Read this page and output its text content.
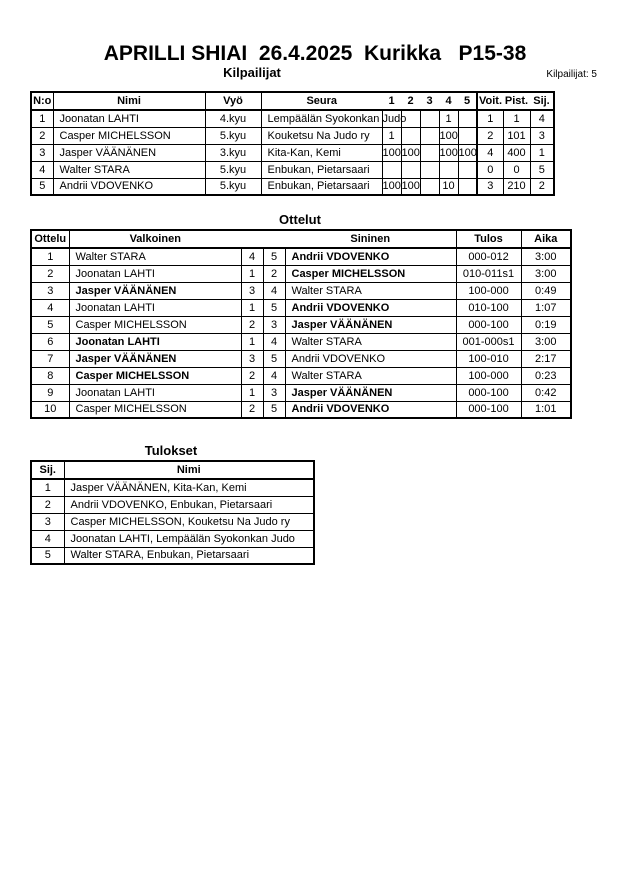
APRILLI SHIAI  26.4.2025  Kurikka   P15-38
Kilpailijat	Kilpailijat: 5
N:o	Nimi	Vyö	Seura	1	2	3	4	5	Voit.	Pist.	Sij.
1	Joonatan LAHTI	4.kyu	Lempäälän Syokonkan Judo				1		1	1	4
2	Casper MICHELSSON	5.kyu	Kouketsu Na Judo ry	1			100		2	101	3
3	Jasper VÄÄNÄNEN	3.kyu	Kita-Kan, Kemi	100	100		100	100	4	400	1
4	Walter STARA	5.kyu	Enbukan, Pietarsaari						0	0	5
5	Andrii VDOVENKO	5.kyu	Enbukan, Pietarsaari	100	100		10		3	210	2
Ottelut
Ottelu	Valkoinen			Sininen	Tulos	Aika
1	Walter STARA	4	5	Andrii VDOVENKO	000-012	3:00
2	Joonatan LAHTI	1	2	Casper MICHELSSON	010-011s1	3:00
3	Jasper VÄÄNÄNEN	3	4	Walter STARA	100-000	0:49
4	Joonatan LAHTI	1	5	Andrii VDOVENKO	010-100	1:07
5	Casper MICHELSSON	2	3	Jasper VÄÄNÄNEN	000-100	0:19
6	Joonatan LAHTI	1	4	Walter STARA	001-000s1	3:00
7	Jasper VÄÄNÄNEN	3	5	Andrii VDOVENKO	100-010	2:17
8	Casper MICHELSSON	2	4	Walter STARA	100-000	0:23
9	Joonatan LAHTI	1	3	Jasper VÄÄNÄNEN	000-100	0:42
10	Casper MICHELSSON	2	5	Andrii VDOVENKO	000-100	1:01
Tulokset
Sij.	Nimi
1	Jasper VÄÄNÄNEN, Kita-Kan, Kemi
2	Andrii VDOVENKO, Enbukan, Pietarsaari
3	Casper MICHELSSON, Kouketsu Na Judo ry
4	Joonatan LAHTI, Lempäälän Syokonkan Judo
5	Walter STARA, Enbukan, Pietarsaari
